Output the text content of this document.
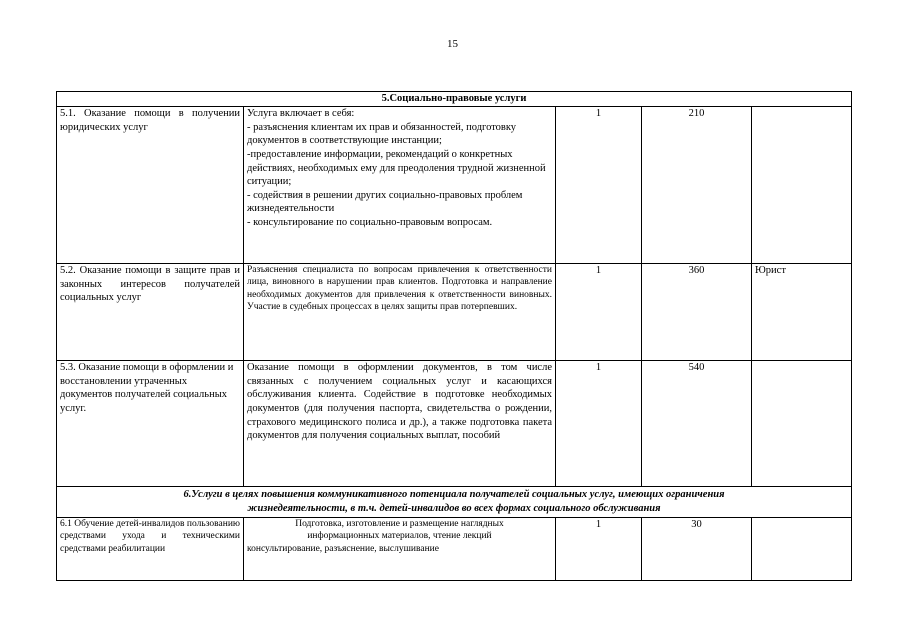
15
5.Социально-правовые услуги				
5.1. Оказание помощи в получении юридических услуг	Услуга включает в себя:

- разъяснения клиентам их прав и обязанностей, подготовку документов в соответствующие инстанции;

-предоставление информации, рекомендаций о конкретных действиях, необходимых ему для преодоления трудной жизненной ситуации;

- содействия в решении других социально-правовых проблем жизнедеятельности

- консультирование по социально-правовым вопросам.	1	210	
5.2. Оказание помощи в защите прав и законных интересов получателей социальных услуг	Разъяснения специалиста по вопросам привлечения к ответственности лица, виновного в нарушении прав клиентов. Подготовка и направление необходимых документов для привлечения к ответственности виновных. Участие в судебных процессах в целях защиты прав потерпевших.	1	360	Юрист
5.3. Оказание помощи в оформлении и восстановлении утраченных документов получателей социальных услуг.	Оказание помощи в оформлении документов, в том числе связанных с получением социальных услуг и касающихся обслуживания клиента. Содействие в подготовке необходимых документов (для получения паспорта, свидетельства о рождении, страхового медицинского полиса и др.), а также подготовка пакета документов для получения социальных выплат, пособий	1	540	

6.Услуги в целях повышения коммуникативного потенциала получателей социальных услуг, имеющих ограничения
жизнедеятельности, в т.ч. детей-инвалидов во всех формах социального обслуживания				

6.1 Обучение детей-инвалидов пользованию средствами ухода и техническими средствами реабилитации	Подготовка, изготовление и размещение наглядных

информационных материалов, чтение лекций

консультирование, разъяснение, выслушивание	1	30	
